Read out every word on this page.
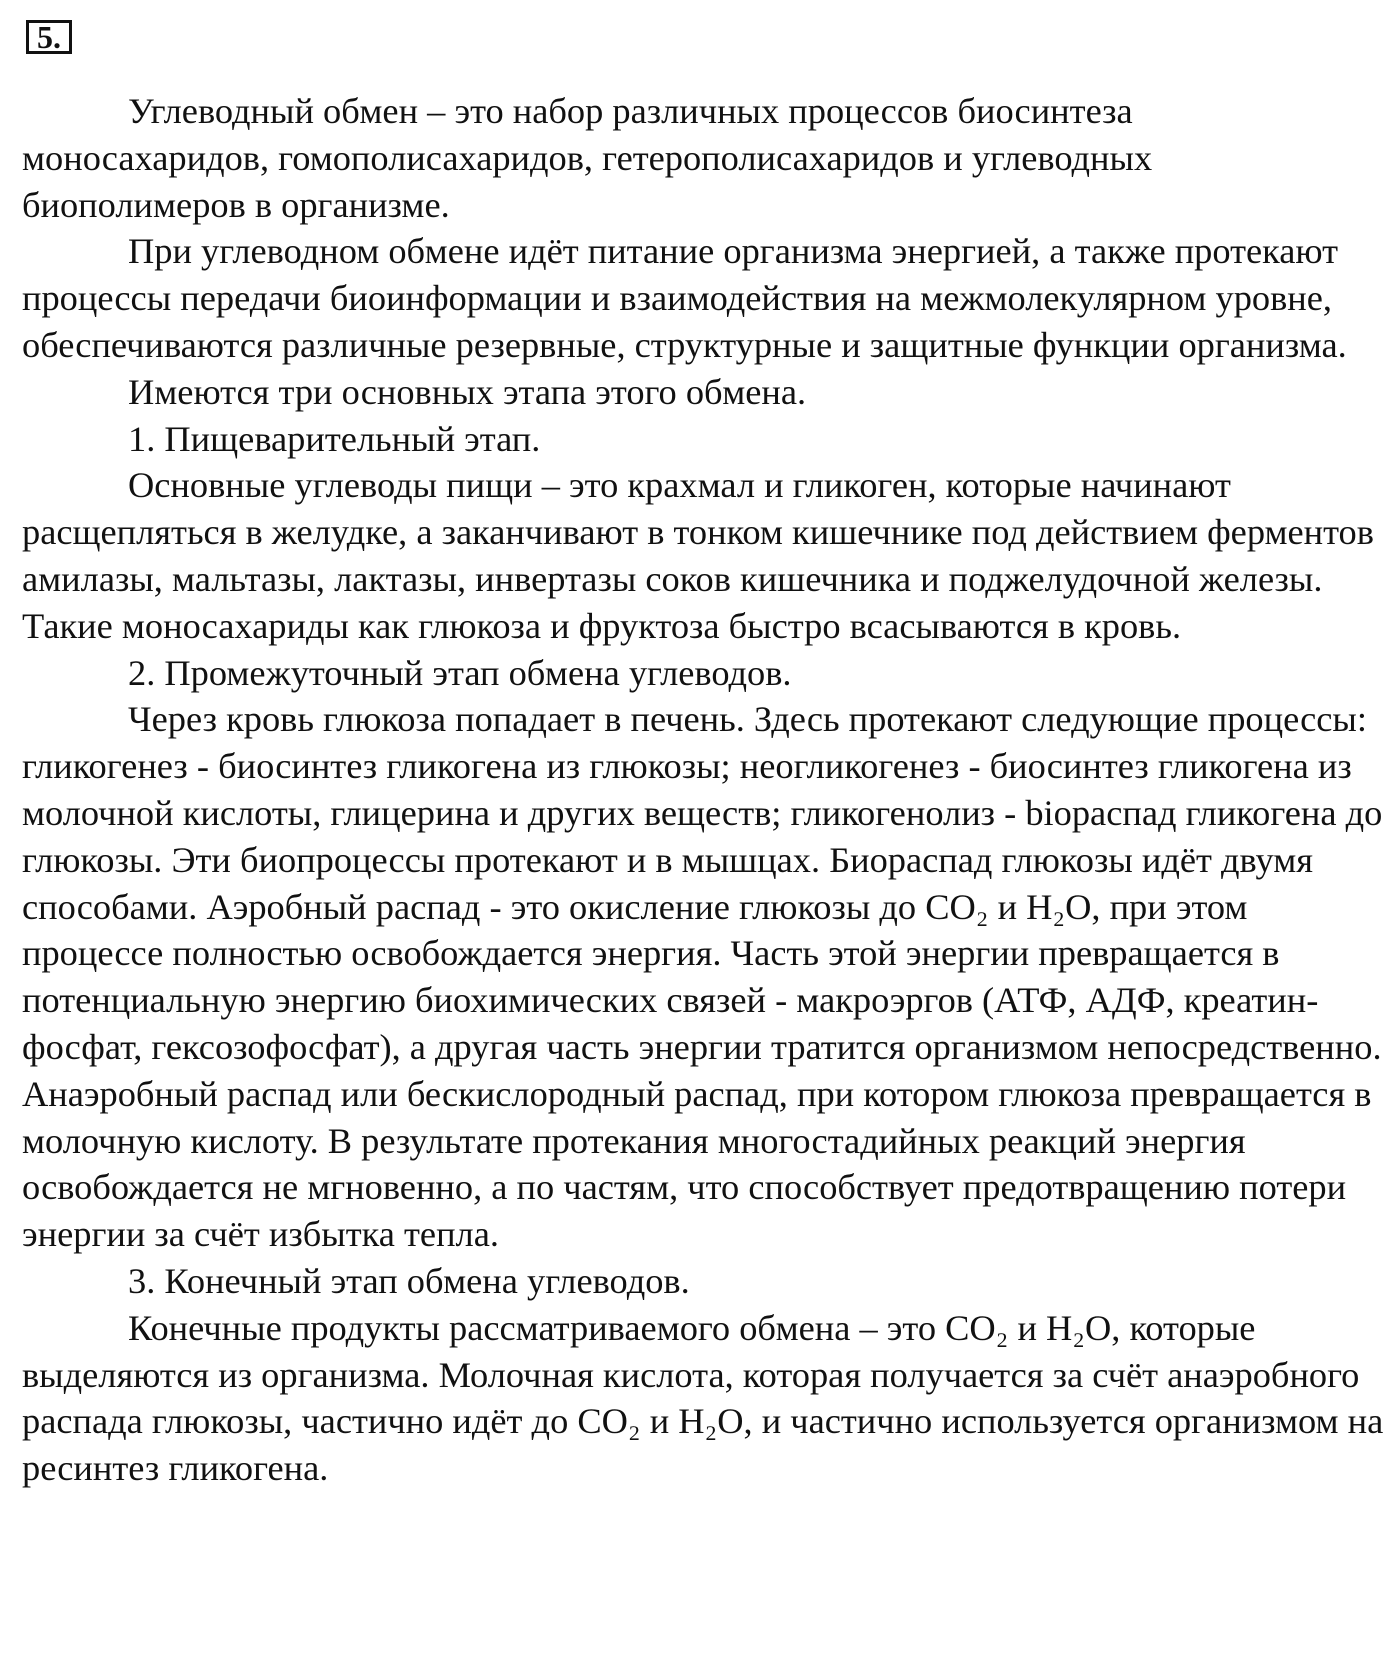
5.

Углеводный обмен – это набор различных процессов биосинтеза моносахаридов, гомополисахаридов, гетерополисахаридов и углеводных биополимеров в организме.

При углеводном обмене идёт питание организма энергией, а также протекают процессы передачи биоинформации и взаимодействия на межмолекулярном уровне, обеспечиваются различные резервные, структурные и защитные функции организма.

Имеются три основных этапа этого обмена.

1. Пищеварительный этап.

Основные углеводы пищи – это крахмал и гликоген, которые начинают расщепляться в желудке, а заканчивают в тонком кишечнике под действием ферментов амилазы, мальтазы, лактазы, инвертазы соков кишечника и поджелудочной железы. Такие моносахариды как глюкоза и фруктоза быстро всасываются в кровь.

2. Промежуточный этап обмена углеводов.

Через кровь глюкоза попадает в печень. Здесь протекают следующие процессы: гликогенез - биосинтез гликогена из глюкозы; неогликогенез - биосинтез гликогена из молочной кислоты, глицерина и других веществ; гликогенолиз - biораспад гликогена до глюкозы. Эти биопроцессы протекают и в мышцах. Биораспад глюкозы идёт двумя способами. Аэробный распад - это окисление глюкозы до CO₂ и H₂O, при этом процессе полностью освобождается энергия. Часть этой энергии превращается в потенциальную энергию биохимических связей - макроэргов (АТФ, АДФ, креатин-фосфат, гексозофосфат), а другая часть энергии тратится организмом непосредственно. Анаэробный распад или бескислородный распад, при котором глюкоза превращается в молочную кислоту. В результате протекания многостадийных реакций энергия освобождается не мгновенно, а по частям, что способствует предотвращению потери энергии за счёт избытка тепла.

3. Конечный этап обмена углеводов.

Конечные продукты рассматриваемого обмена – это CO₂ и H₂O, которые выделяются из организма. Молочная кислота, которая получается за счёт анаэробного распада глюкозы, частично идёт до CO₂ и H₂O, и частично используется организмом на ресинтез гликогена.
